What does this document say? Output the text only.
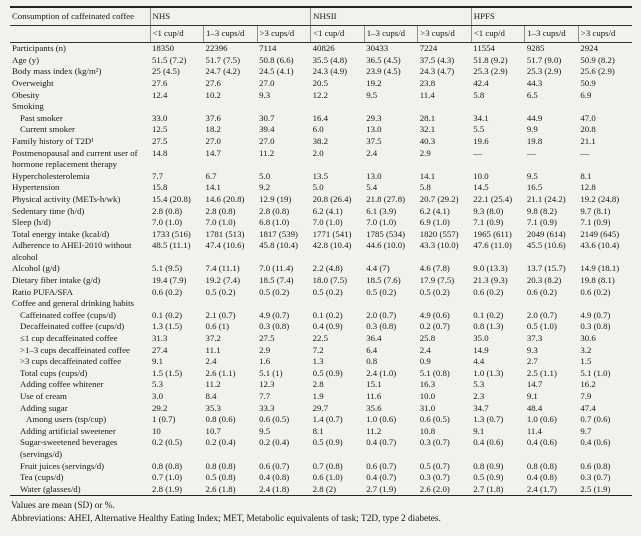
Consumption of caffeinated coffee	NHS			NHSII			HPFS		
	<1 cup/d	1–3 cups/d	>3 cups/d	<1 cup/d	1–3 cups/d	>3 cups/d	<1 cup/d	1–3 cups/d	>3 cups/d
Participants (n)	18350	22396	7114	40826	30433	7224	11554	9285	2924
Age (y)	51.5 (7.2)	51.7 (7.5)	50.8 (6.6)	35.5 (4.8)	36.5 (4.5)	37.5 (4.3)	51.8 (9.2)	51.7 (9.0)	50.9 (8.2)
Body mass index (kg/m²)	25 (4.5)	24.7 (4.2)	24.5 (4.1)	24.3 (4.9)	23.9 (4.5)	24.3 (4.7)	25.3 (2.9)	25.3 (2.9)	25.6 (2.9)
Overweight	27.6	27.6	27.0	20.5	19.2	23.8	42.4	44.3	50.9
Obesity	12.4	10.2	9.3	12.2	9.5	11.4	5.8	6.5	6.9
Smoking									
Past smoker	33.0	37.6	30.7	16.4	29.3	28.1	34.1	44.9	47.0
Current smoker	12.5	18.2	39.4	6.0	13.0	32.1	5.5	9.9	20.8
Family history of T2D¹	27.5	27.0	27.0	38.2	37.5	40.3	19.6	19.8	21.1
Postmenopausal and current user of hormone replacement therapy	14.8	14.7	11.2	2.0	2.4	2.9	—	—	—
Hypercholesterolemia	7.7	6.7	5.0	13.5	13.0	14.1	10.0	9.5	8.1
Hypertension	15.8	14.1	9.2	5.0	5.4	5.8	14.5	16.5	12.8
Physical activity (METs-h/wk)	15.4 (20.8)	14.6 (20.8)	12.9 (19)	20.8 (26.4)	21.8 (27.8)	20.7 (29.2)	22.1 (25.4)	21.1 (24.2)	19.2 (24.8)
Sedentary time (h/d)	2.8 (0.8)	2.8 (0.8)	2.8 (0.8)	6.2 (4.1)	6.1 (3.9)	6.2 (4.1)	9.3 (8.0)	9.8 (8.2)	9.7 (8.1)
Sleep (h/d)	7.0 (1.0)	7.0 (1.0)	6.8 (1.0)	7.0 (1.0)	7.0 (1.0)	6.9 (1.0)	7.1 (0.9)	7.1 (0.9)	7.1 (0.9)
Total energy intake (kcal/d)	1733 (516)	1781 (513)	1817 (539)	1771 (541)	1785 (534)	1820 (557)	1965 (611)	2049 (614)	2149 (645)
Adherence to AHEI-2010 without alcohol	48.5 (11.1)	47.4 (10.6)	45.8 (10.4)	42.8 (10.4)	44.6 (10.0)	43.3 (10.0)	47.6 (11.0)	45.5 (10.6)	43.6 (10.4)
Alcohol (g/d)	5.1 (9.5)	7.4 (11.1)	7.0 (11.4)	2.2 (4.8)	4.4 (7)	4.6 (7.8)	9.0 (13.3)	13.7 (15.7)	14.9 (18.1)
Dietary fiber intake (g/d)	19.4 (7.9)	19.2 (7.4)	18.5 (7.4)	18.0 (7.5)	18.5 (7.6)	17.9 (7.5)	21.3 (9.3)	20.3 (8.2)	19.8 (8.1)
Ratio PUFA/SFA	0.6 (0.2)	0.5 (0.2)	0.5 (0.2)	0.5 (0.2)	0.5 (0.2)	0.5 (0.2)	0.6 (0.2)	0.6 (0.2)	0.6 (0.2)
Coffee and general drinking habits									
Caffeinated coffee (cups/d)	0.1 (0.2)	2.1 (0.7)	4.9 (0.7)	0.1 (0.2)	2.0 (0.7)	4.9 (0.6)	0.1 (0.2)	2.0 (0.7)	4.9 (0.7)
Decaffeinated coffee (cups/d)	1.3 (1.5)	0.6 (1)	0.3 (0.8)	0.4 (0.9)	0.3 (0.8)	0.2 (0.7)	0.8 (1.3)	0.5 (1.0)	0.3 (0.8)
≤1 cup decaffeinated coffee	31.3	37.2	27.5	22.5	36.4	25.8	35.0	37.3	30.6
>1–3 cups decaffeinated coffee	27.4	11.1	2.9	7.2	6.4	2.4	14.9	9.3	3.2
>3 cups decaffeinated coffee	9.1	2.4	1.6	1.3	0.8	0.9	4.4	2.7	1.5
Total cups (cups/d)	1.5 (1.5)	2.6 (1.1)	5.1 (1)	0.5 (0.9)	2.4 (1.0)	5.1 (0.8)	1.0 (1.3)	2.5 (1.1)	5.1 (1.0)
Adding coffee whitener	5.3	11.2	12.3	2.8	15.1	16.3	5.3	14.7	16.2
Use of cream	3.0	8.4	7.7	1.9	11.6	10.0	2.3	9.1	7.9
Adding sugar	29.2	35.3	33.3	29.7	35.6	31.0	34.7	48.4	47.4
Among users (tsp/cup)	1 (0.7)	0.8 (0.6)	0.6 (0.5)	1.4 (0.7)	1.0 (0.6)	0.6 (0.5)	1.3 (0.7)	1.0 (0.6)	0.7 (0.6)
Adding artificial sweetener	10	10.7	9.5	8.1	11.2	10.8	9.1	11.4	9.7
Sugar-sweetened beverages (servings/d)	0.2 (0.5)	0.2 (0.4)	0.2 (0.4)	0.5 (0.9)	0.4 (0.7)	0.3 (0.7)	0.4 (0.6)	0.4 (0.6)	0.4 (0.6)
Fruit juices (servings/d)	0.8 (0.8)	0.8 (0.8)	0.6 (0.7)	0.7 (0.8)	0.6 (0.7)	0.5 (0.7)	0.8 (0.9)	0.8 (0.8)	0.6 (0.8)
Tea (cups/d)	0.7 (1.0)	0.5 (0.8)	0.4 (0.8)	0.6 (1.0)	0.4 (0.7)	0.3 (0.7)	0.5 (0.9)	0.4 (0.8)	0.3 (0.7)
Water (glasses/d)	2.8 (1.9)	2.6 (1.8)	2.4 (1.8)	2.8 (2)	2.7 (1.9)	2.6 (2.0)	2.7 (1.8)	2.4 (1.7)	2.5 (1.9)
Values are mean (SD) or %.
Abbreviations: AHEI, Alternative Healthy Eating Index; MET, Metabolic equivalents of task; T2D, type 2 diabetes.
